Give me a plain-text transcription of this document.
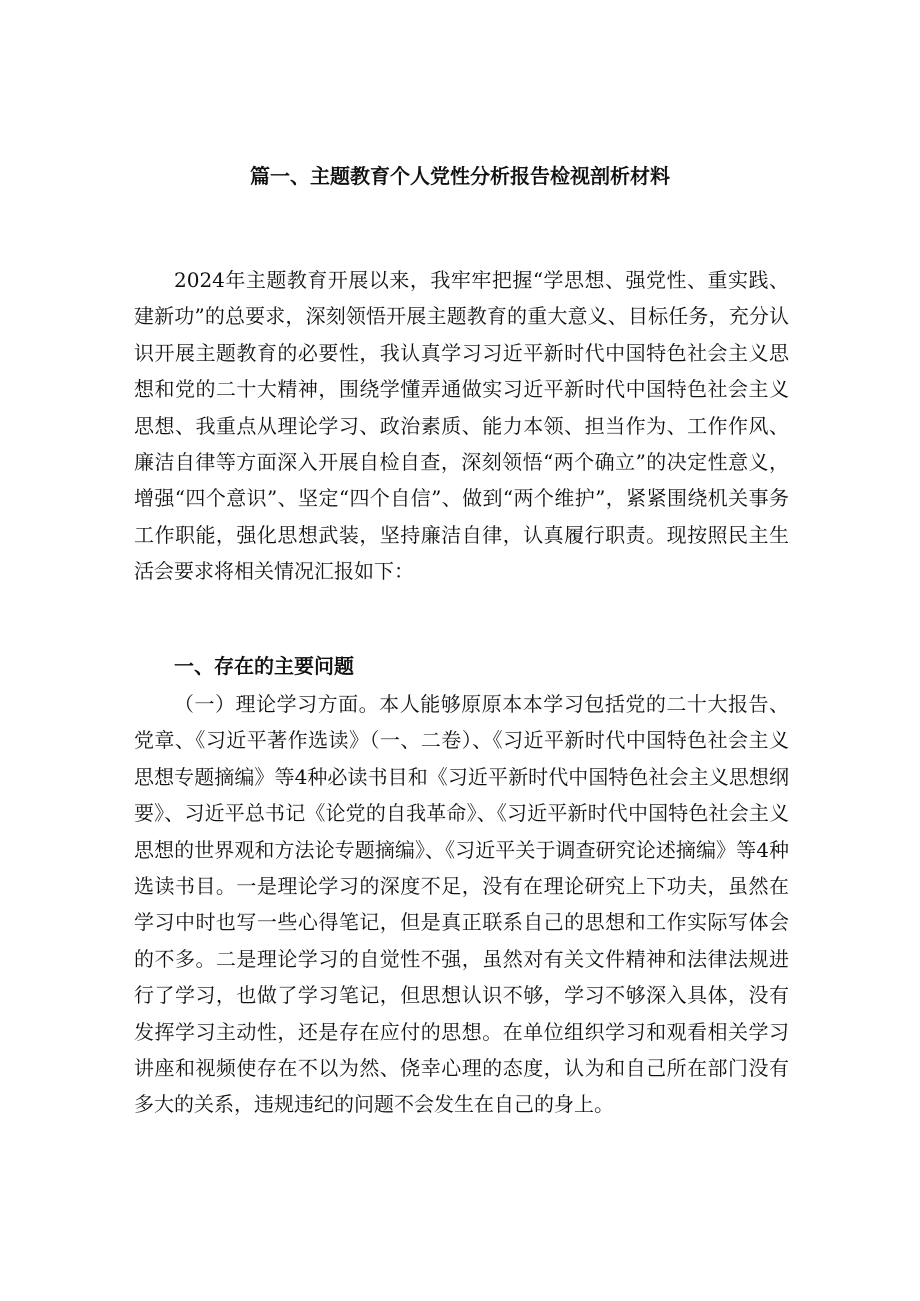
篇一、主题教育个人党性分析报告检视剖析材料

2024年主题教育开展以来，我牢牢把握“学思想、强党性、重实践、建新功”的总要求，深刻领悟开展主题教育的重大意义、目标任务，充分认识开展主题教育的必要性，我认真学习习近平新时代中国特色社会主义思想和党的二十大精神，围绕学懂弄通做实习近平新时代中国特色社会主义思想、我重点从理论学习、政治素质、能力本领、担当作为、工作作风、廉洁自律等方面深入开展自检自查，深刻领悟“两个确立”的决定性意义，增强“四个意识”、坚定“四个自信”、做到“两个维护”，紧紧围绕机关事务工作职能，强化思想武装，坚持廉洁自律，认真履行职责。现按照民主生活会要求将相关情况汇报如下：

一、存在的主要问题

（一）理论学习方面。本人能够原原本本学习包括党的二十大报告、党章、《习近平著作选读》（一、二卷）、《习近平新时代中国特色社会主义思想专题摘编》等4种必读书目和《习近平新时代中国特色社会主义思想纲要》、习近平总书记《论党的自我革命》、《习近平新时代中国特色社会主义思想的世界观和方法论专题摘编》、《习近平关于调查研究论述摘编》等4种选读书目。一是理论学习的深度不足，没有在理论研究上下功夫，虽然在学习中时也写一些心得笔记，但是真正联系自己的思想和工作实际写体会的不多。二是理论学习的自觉性不强，虽然对有关文件精神和法律法规进行了学习，也做了学习笔记，但思想认识不够，学习不够深入具体，没有发挥学习主动性，还是存在应付的思想。在单位组织学习和观看相关学习讲座和视频使存在不以为然、侥幸心理的态度，认为和自己所在部门没有多大的关系，违规违纪的问题不会发生在自己的身上。
